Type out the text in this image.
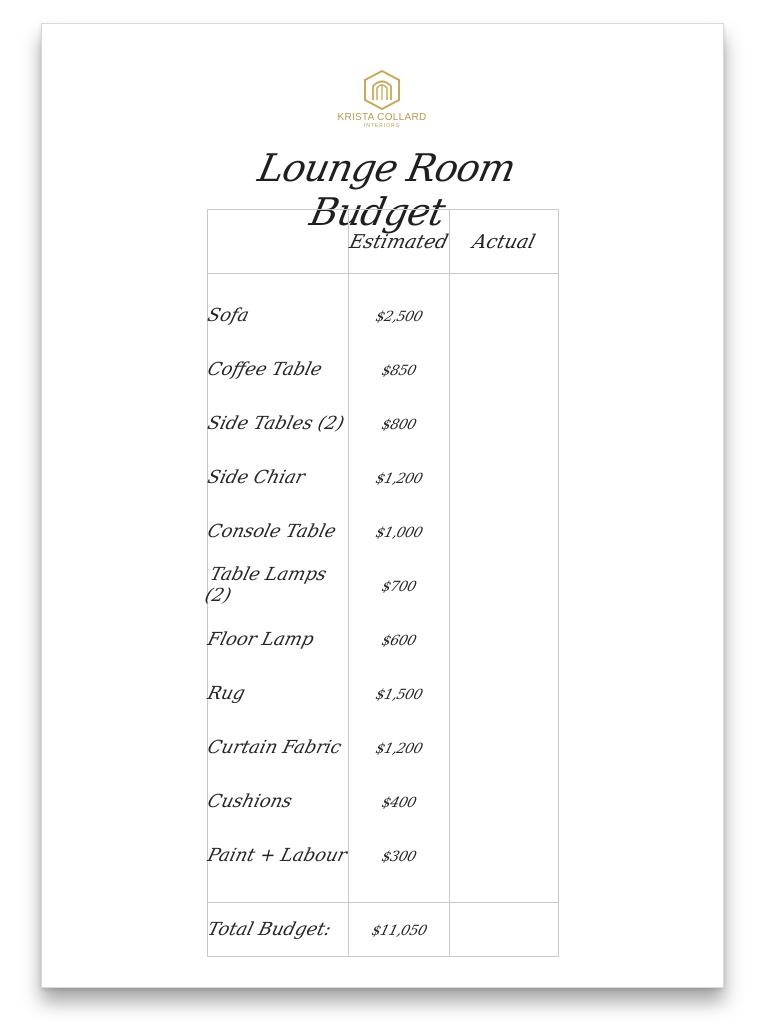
KRISTA COLLARD
INTERIORS
Lounge Room Budget
	Estimated	Actual
Sofa	$2,500	
Coffee Table	$850	
Side Tables (2)	$800	
Side Chiar	$1,200	
Console Table	$1,000	
Table Lamps (2)	$700	
Floor Lamp	$600	
Rug	$1,500	
Curtain Fabric	$1,200	
Cushions	$400	
Paint + Labour	$300	
Total Budget:	$11,050	
